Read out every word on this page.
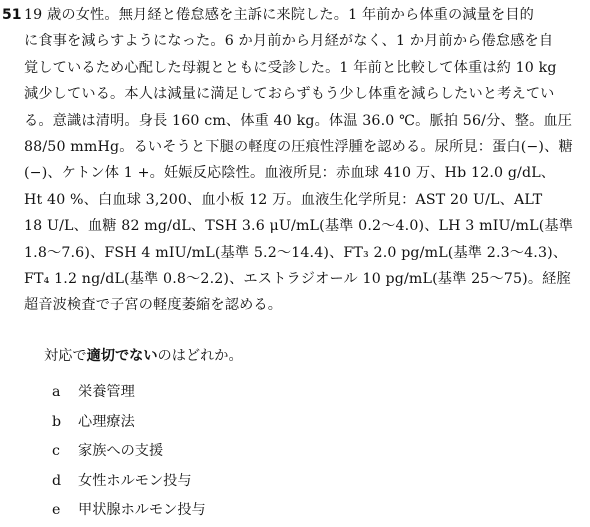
51 19 歳の女性。無月経と倦怠感を主訴に来院した。1 年前から体重の減量を目的
に食事を減らすようになった。6 か月前から月経がなく、1 か月前から倦怠感を自
覚しているため心配した母親とともに受診した。1 年前と比較して体重は約 10 kg
減少している。本人は減量に満足しておらずもう少し体重を減らしたいと考えてい
る。意識は清明。身長 160 cm、体重 40 kg。体温 36.0 ℃。脈拍 56/分、整。血圧
88/50 mmHg。るいそうと下腿の軽度の圧痕性浮腫を認める。尿所見：蛋白(−)、糖
(−)、ケトン体 1 +。妊娠反応陰性。血液所見：赤血球 410 万、Hb 12.0 g/dL、
Ht 40 %、白血球 3,200、血小板 12 万。血液生化学所見：AST 20 U/L、ALT
18 U/L、血糖 82 mg/dL、TSH 3.6 μU/mL(基準 0.2〜4.0)、LH 3 mIU/mL(基準
1.8〜7.6)、FSH 4 mIU/mL(基準 5.2〜14.4)、FT₃ 2.0 pg/mL(基準 2.3〜4.3)、
FT₄ 1.2 ng/dL(基準 0.8〜2.2)、エストラジオール 10 pg/mL(基準 25〜75)。経腟
超音波検査で子宮の軽度萎縮を認める。
対応で適切でないのはどれか。
a 栄養管理
b 心理療法
c 家族への支援
d 女性ホルモン投与
e 甲状腺ホルモン投与
